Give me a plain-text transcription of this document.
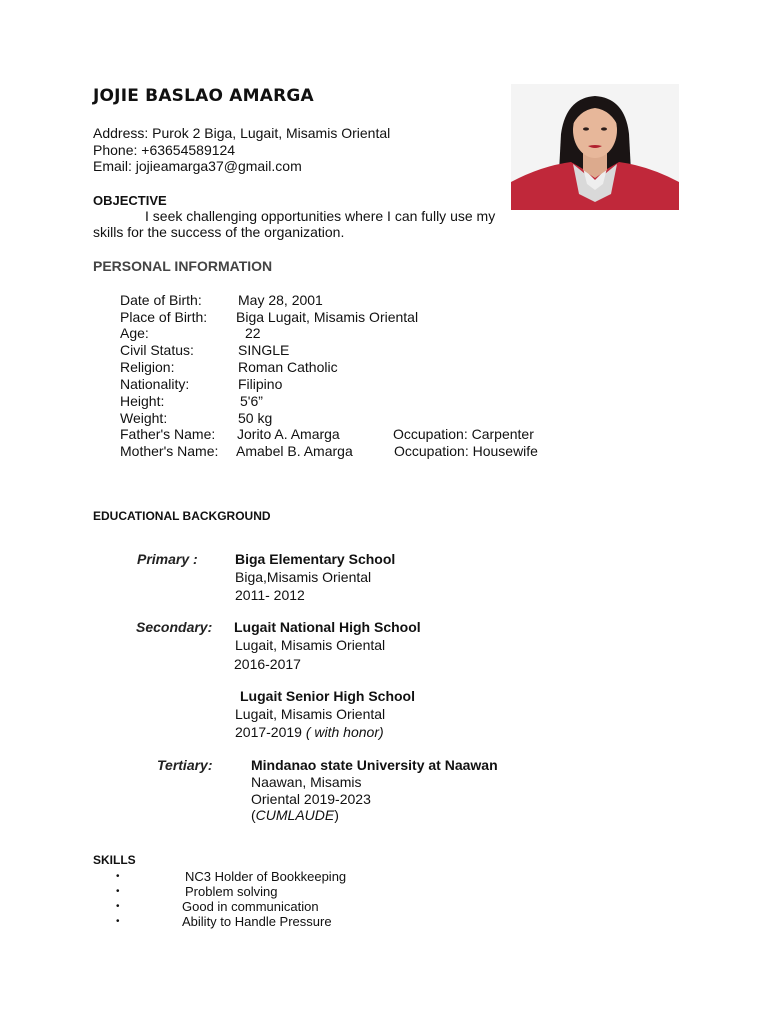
JOJIE BASLAO AMARGA
Address: Purok 2 Biga, Lugait, Misamis Oriental
Phone: +63654589124
Email: jojieamarga37@gmail.com
OBJECTIVE
I seek challenging opportunities where I can fully use my
skills for the success of the organization.
PERSONAL INFORMATION
Date of Birth:	May 28, 2001
Place of Birth: Biga Lugait, Misamis Oriental
Age:	22
Civil Status:	SINGLE
Religion:	Roman Catholic
Nationality:	Filipino
Height:	5'6”
Weight:	50 kg
Father's Name: Jorito A. Amarga	Occupation: Carpenter
Mother's Name: Amabel B. Amarga	Occupation: Housewife
EDUCATIONAL BACKGROUND
Primary :	Biga Elementary School
Biga,Misamis Oriental
2011- 2012
Secondary: Lugait National High School
Lugait, Misamis Oriental
2016-2017
Lugait Senior High School
Lugait, Misamis Oriental
2017-2019 ( with honor)
Tertiary:	Mindanao state University at Naawan
Naawan, Misamis
Oriental 2019-2023
(CUMLAUDE)
SKILLS
•	NC3 Holder of Bookkeeping
•	Problem solving
•	Good in communication
•	Ability to Handle Pressure
